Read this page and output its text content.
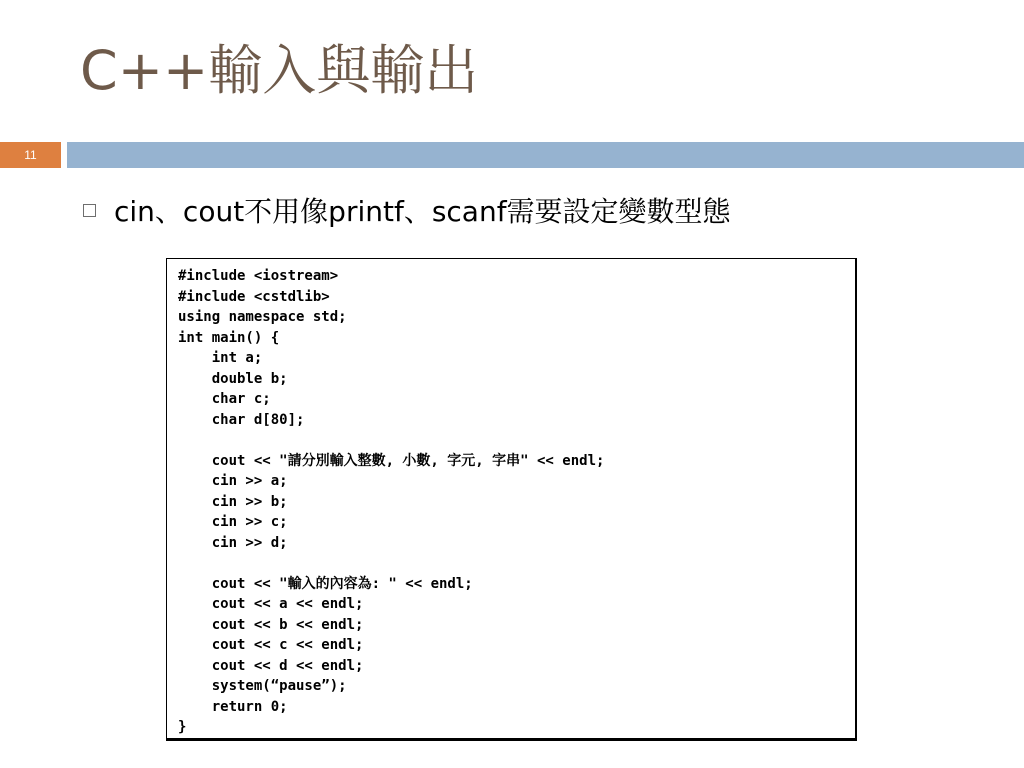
C++輸入與輸出
11
cin、cout不用像printf、scanf需要設定變數型態
#include <iostream>
#include <cstdlib>
using namespace std;
int main() {
int a;
double b;
char c;
char d[80];
cout << "請分別輸入整數, 小數, 字元, 字串" << endl;
cin >> a;
cin >> b;
cin >> c;
cin >> d;
cout << "輸入的內容為: " << endl;
cout << a << endl;
cout << b << endl;
cout << c << endl;
cout << d << endl;
system(“pause”);
return 0;
}
